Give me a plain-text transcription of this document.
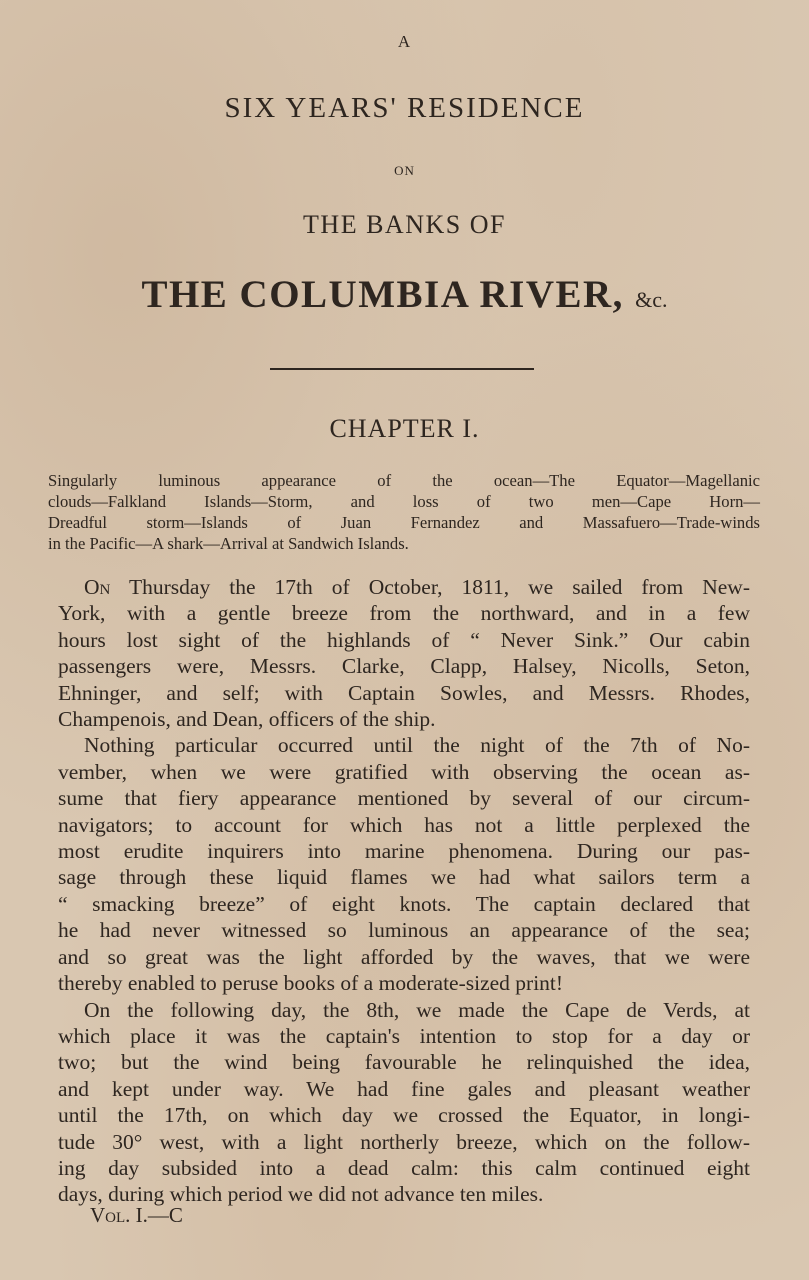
A
SIX YEARS' RESIDENCE
ON
THE BANKS OF
THE COLUMBIA RIVER, &c.
CHAPTER I.
Singularly luminous appearance of the ocean—The Equator—Magellanic
clouds—Falkland Islands—Storm, and loss of two men—Cape Horn—
Dreadful storm—Islands of Juan Fernandez and Massafuero—Trade-winds
in the Pacific—A shark—Arrival at Sandwich Islands.
On Thursday the 17th of October, 1811, we sailed from New-
York, with a gentle breeze from the northward, and in a few
hours lost sight of the highlands of “ Never Sink.” Our cabin
passengers were, Messrs. Clarke, Clapp, Halsey, Nicolls, Seton,
Ehninger, and self; with Captain Sowles, and Messrs. Rhodes,
Champenois, and Dean, officers of the ship.
Nothing particular occurred until the night of the 7th of No-
vember, when we were gratified with observing the ocean as-
sume that fiery appearance mentioned by several of our circum-
navigators; to account for which has not a little perplexed the
most erudite inquirers into marine phenomena. During our pas-
sage through these liquid flames we had what sailors term a
“ smacking breeze” of eight knots. The captain declared that
he had never witnessed so luminous an appearance of the sea;
and so great was the light afforded by the waves, that we were
thereby enabled to peruse books of a moderate-sized print!
On the following day, the 8th, we made the Cape de Verds, at
which place it was the captain's intention to stop for a day or
two; but the wind being favourable he relinquished the idea,
and kept under way. We had fine gales and pleasant weather
until the 17th, on which day we crossed the Equator, in longi-
tude 30° west, with a light northerly breeze, which on the follow-
ing day subsided into a dead calm: this calm continued eight
days, during which period we did not advance ten miles.
Vol. I.—C
